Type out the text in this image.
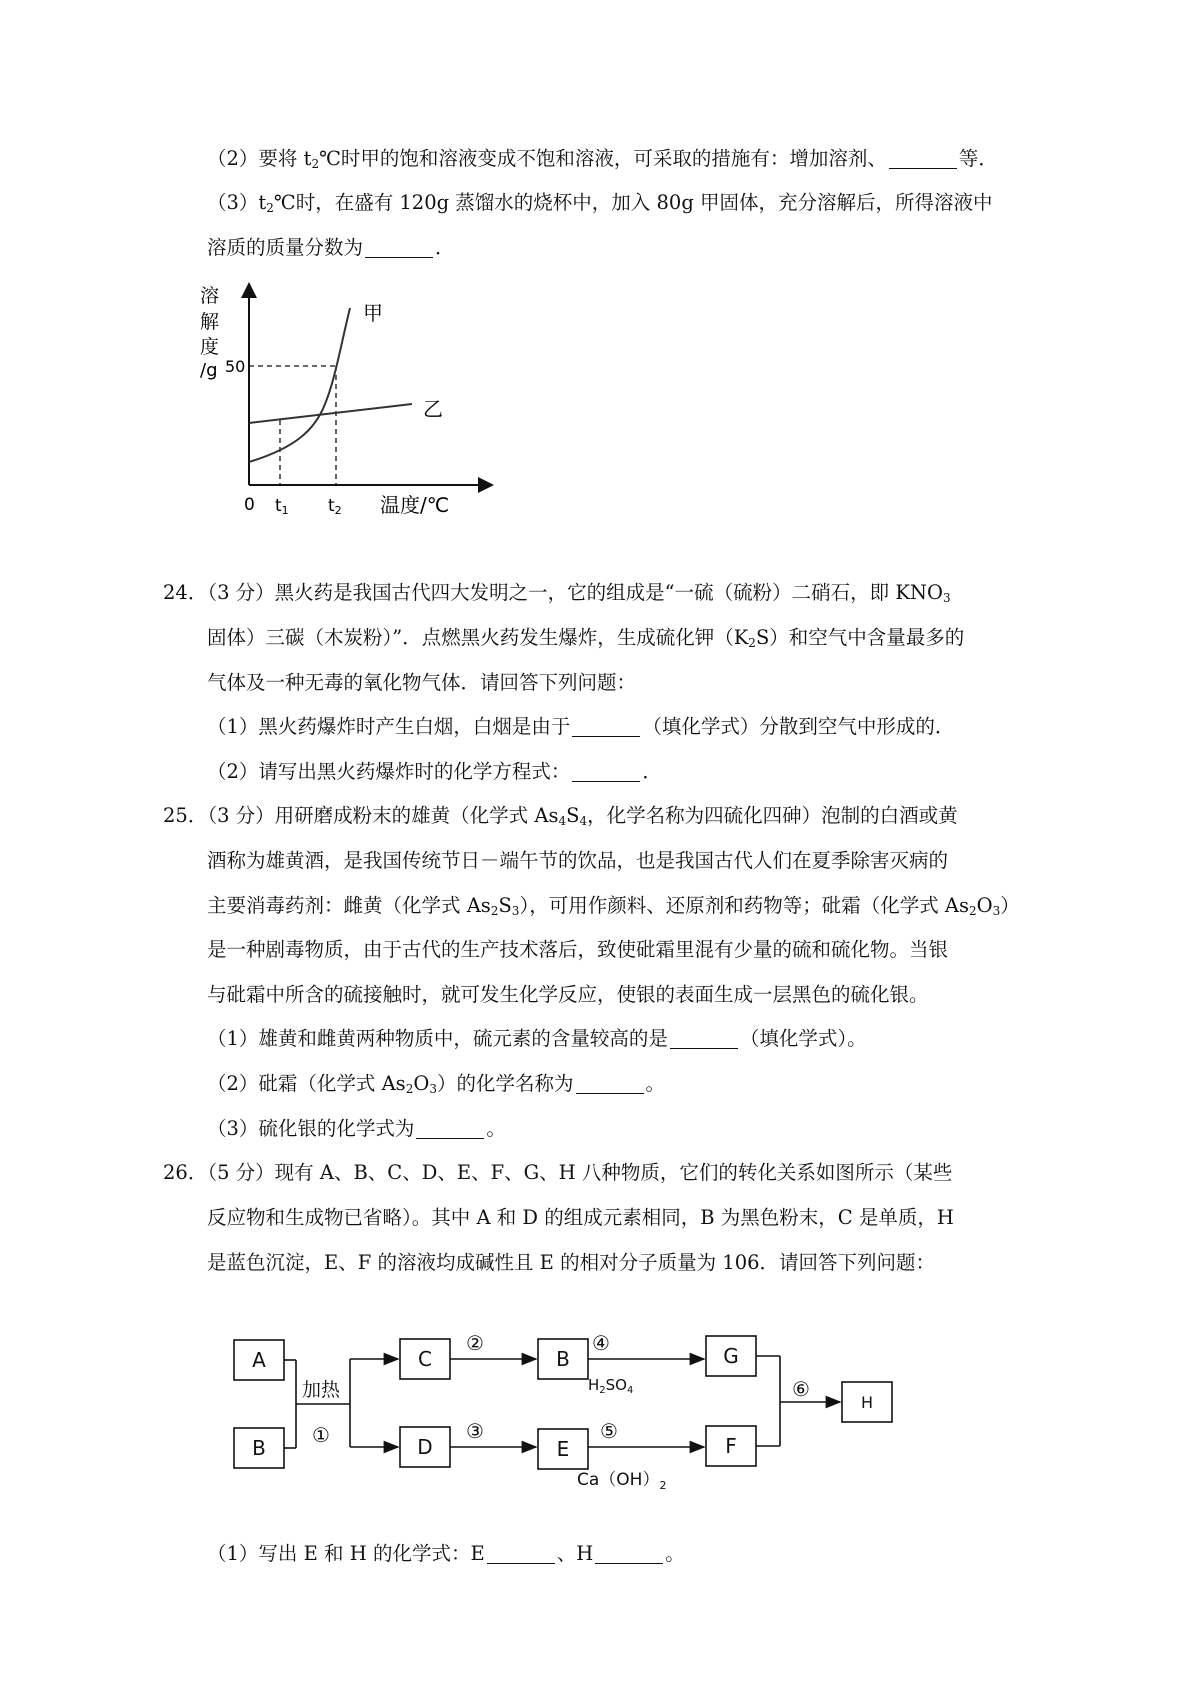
（2）要将 $t_2℃$时甲的饱和溶液变成不饱和溶液，可采取的措施有：增加溶剂、	等．
$(3)t_2℃$时，在盛有 120g 蒸馏水的烧杯中，加入 80g 甲固体，充分溶解后，所得溶液中
溶质的质量分数为	．
溶
解
度
/g 50
0 t1 t2 温度/℃
甲
乙
24．（3 分）黑火药是我国古代四大发明之一，它的组成是“一硫（硫粉）二硝石，即 $KNO_3$
固体）三碳（木炭粉）”．点燃黑火药发生爆炸，生成硫化钾$(K_2S)$和空气中含量最多的
气体及一种无毒的氧化物气体．请回答下列问题：
（1）黑火药爆炸时产生白烟，白烟是由于	（填化学式）分散到空气中形成的．
（2）请写出黑火药爆炸时的化学方程式：	．
25．（3 分）用研磨成粉末的雄黄（化学式 $As_4S_4$，化学名称为四硫化四砷）泡制的白酒或黄
酒称为雄黄酒，是我国传统节日－端午节的饮品，也是我国古代人们在夏季除害灭病的
主要消毒药剂：雌黄（化学式 $As_2S_3$），可用作颜料、还原剂和药物等；砒霜（化学式 $As_2O_3$）
是一种剧毒物质，由于古代的生产技术落后，致使砒霜里混有少量的硫和硫化物。当银
与砒霜中所含的硫接触时，就可发生化学反应，使银的表面生成一层黑色的硫化银。
（1）雄黄和雌黄两种物质中，硫元素的含量较高的是	（填化学式）。
（2）砒霜（化学式 $As_2O_3$）的化学名称为	。
（3）硫化银的化学式为	。
26．（5 分）现有 A、B、C、D、E、F、G、H 八种物质，它们的转化关系如图所示（某些
反应物和生成物已省略）。其中 A 和 D 的组成元素相同，B 为黑色粉末，C 是单质，H
是蓝色沉淀，E、F 的溶液均成碱性且 E 的相对分子质量为 106．请回答下列问题：
A
B
C	B	G
D	E	F
H
加热
①
②
③
④
⑤
⑥
$H_2SO_4$
$Ca(OH)_2$
（1）写出 E 和 H 的化学式：E	、H	。
